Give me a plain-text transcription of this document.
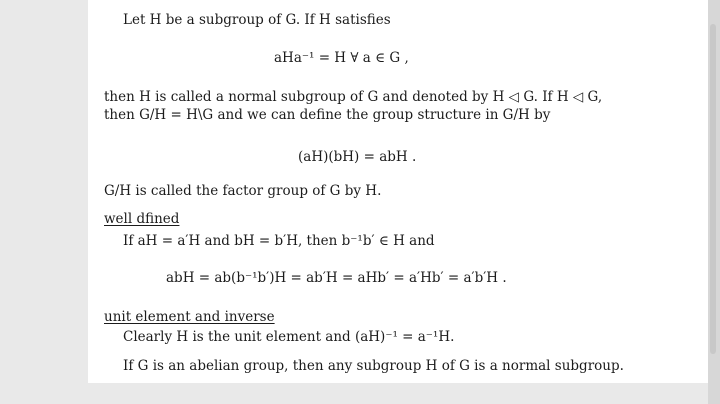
Let H be a subgroup of G. If H satisfies
aHa⁻¹ = H ∀ a ∈ G ,
then H is called a normal subgroup of G and denoted by H ◁ G. If H ◁ G,
then G/H = H\G and we can define the group structure in G/H by
(aH)(bH) = abH .
G/H is called the factor group of G by H.
well dfined
If aH = a′H and bH = b′H, then b⁻¹b′ ∈ H and
abH = ab(b⁻¹b′)H = ab′H = aHb′ = a′Hb′ = a′b′H .
unit element and inverse
Clearly H is the unit element and (aH)⁻¹ = a⁻¹H.
If G is an abelian group, then any subgroup H of G is a normal subgroup.
